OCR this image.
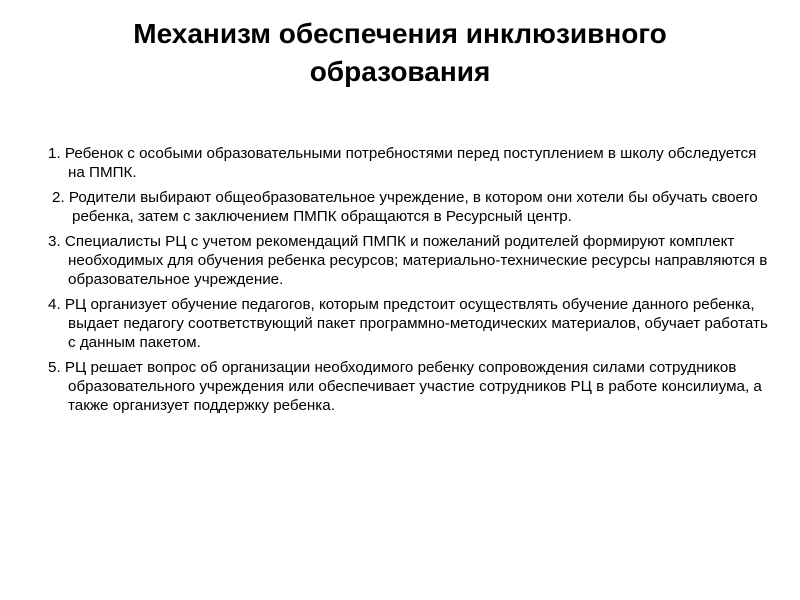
Механизм обеспечения инклюзивного
образования
1. Ребенок с особыми образовательными потребностями перед поступлением в школу обследуется на ПМПК.
2. Родители выбирают общеобразовательное учреждение, в котором они хотели бы обучать своего ребенка, затем с заключением ПМПК обращаются в Ресурсный центр.
3. Специалисты РЦ с учетом рекомендаций ПМПК и пожеланий родителей формируют комплект необходимых для обучения ребенка ресурсов; материально-технические ресурсы направляются в образовательное учреждение.
4. РЦ организует обучение педагогов, которым предстоит осуществлять обучение данного ребенка, выдает педагогу соответствующий пакет программно-методических материалов, обучает работать с данным пакетом.
5. РЦ решает вопрос об организации необходимого ребенку сопровождения силами сотрудников образовательного учреждения или обеспечивает участие сотрудников РЦ в работе консилиума, а также организует поддержку ребенка.
